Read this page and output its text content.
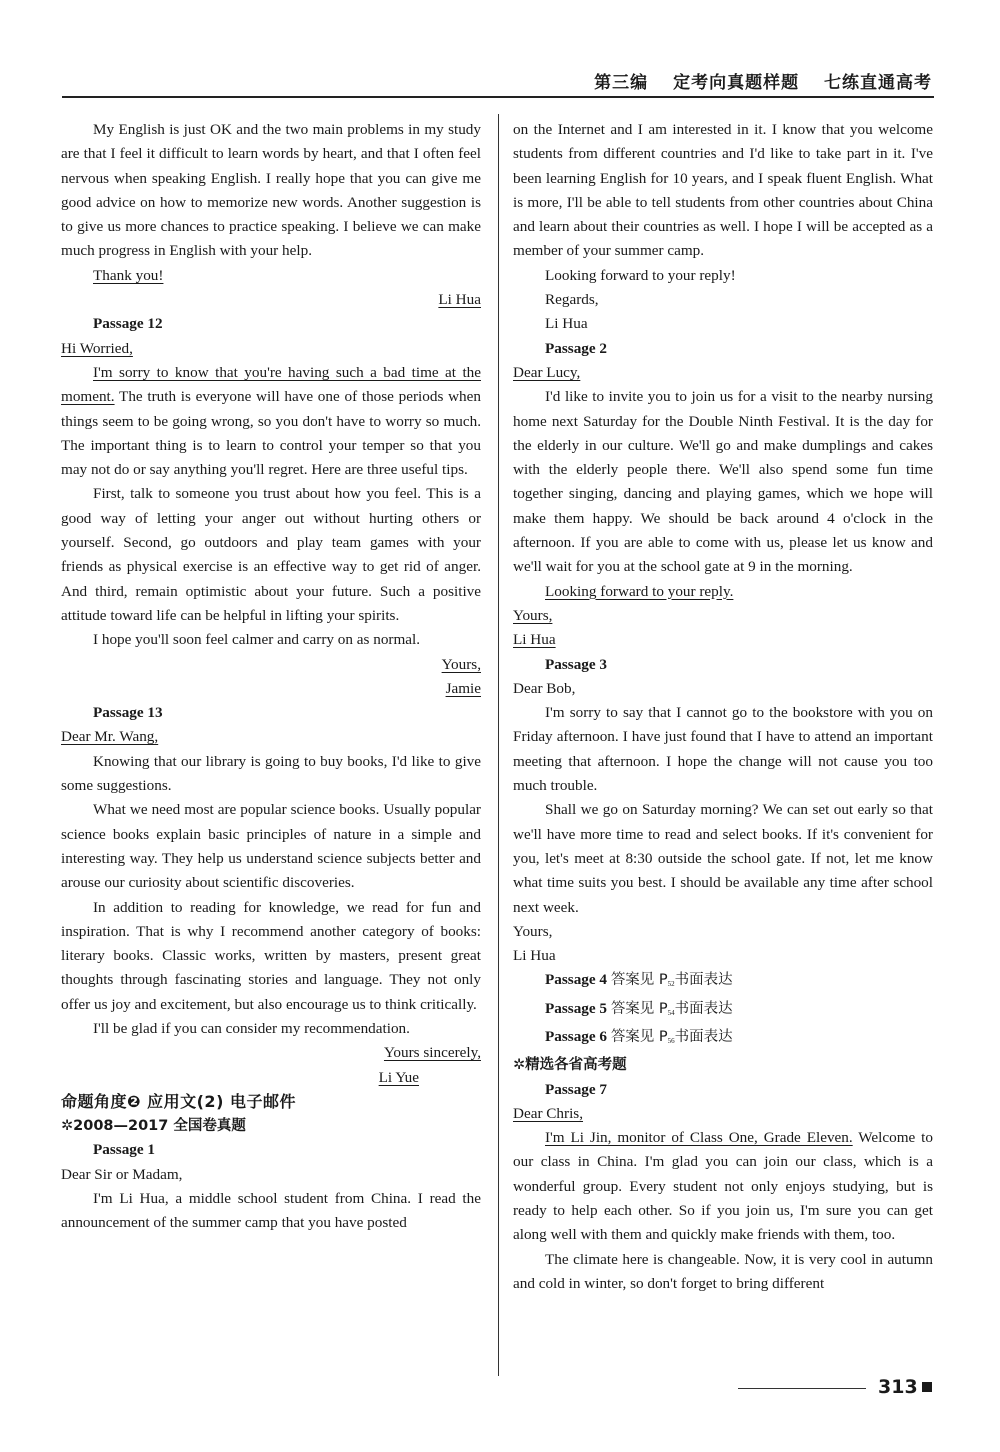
第三编 定考向真题样题 七练直通高考

My English is just OK and the two main problems in my study are that I feel it difficult to learn words by heart, and that I often feel nervous when speaking English. I really hope that you can give me good advice on how to memorize new words. Another suggestion is to give us more chances to practice speaking. I believe we can make much progress in English with your help.

Thank you!

Li Hua

Passage 12

Hi Worried,

I'm sorry to know that you're having such a bad time at the moment. The truth is everyone will have one of those periods when things seem to be going wrong, so you don't have to worry so much. The important thing is to learn to control your temper so that you may not do or say anything you'll regret. Here are three useful tips.

First, talk to someone you trust about how you feel. This is a good way of letting your anger out without hurting others or yourself. Second, go outdoors and play team games with your friends as physical exercise is an effective way to get rid of anger. And third, remain optimistic about your future. Such a positive attitude toward life can be helpful in lifting your spirits.

I hope you'll soon feel calmer and carry on as normal.

Yours,

Jamie

Passage 13

Dear Mr. Wang,

Knowing that our library is going to buy books, I'd like to give some suggestions.

What we need most are popular science books. Usually popular science books explain basic principles of nature in a simple and interesting way. They help us understand science subjects better and arouse our curiosity about scientific discoveries.

In addition to reading for knowledge, we read for fun and inspiration. That is why I recommend another category of books: literary books. Classic works, written by masters, present great thoughts through fascinating stories and language. They not only offer us joy and excitement, but also encourage us to think critically.

I'll be glad if you can consider my recommendation.

Yours sincerely,

Li Yue

命题角度❷ 应用文(2) 电子邮件

✲2008—2017 全国卷真题

Passage 1

Dear Sir or Madam,

I'm Li Hua, a middle school student from China. I read the announcement of the summer camp that you have posted

on the Internet and I am interested in it. I know that you welcome students from different countries and I'd like to take part in it. I've been learning English for 10 years, and I speak fluent English. What is more, I'll be able to tell students from other countries about China and learn about their countries as well. I hope I will be accepted as a member of your summer camp.

Looking forward to your reply!

Regards,

Li Hua

Passage 2

Dear Lucy,

I'd like to invite you to join us for a visit to the nearby nursing home next Saturday for the Double Ninth Festival. It is the day for the elderly in our culture. We'll go and make dumplings and cakes with the elderly people there. We'll also spend some fun time together singing, dancing and playing games, which we hope will make them happy. We should be back around 4 o'clock in the afternoon. If you are able to come with us, please let us know and we'll wait for you at the school gate at 9 in the morning.

Looking forward to your reply.

Yours,

Li Hua

Passage 3

Dear Bob,

I'm sorry to say that I cannot go to the bookstore with you on Friday afternoon. I have just found that I have to attend an important meeting that afternoon. I hope the change will not cause you too much trouble.

Shall we go on Saturday morning? We can set out early so that we'll have more time to read and select books. If it's convenient for you, let's meet at 8:30 outside the school gate. If not, let me know what time suits you best. I should be available any time after school next week.

Yours,

Li Hua

Passage 4 答案见 $P_{52}$书面表达

Passage 5 答案见 $P_{54}$书面表达

Passage 6 答案见 $P_{56}$书面表达

✲精选各省高考题

Passage 7

Dear Chris,

I'm Li Jin, monitor of Class One, Grade Eleven. Welcome to our class in China. I'm glad you can join our class, which is a wonderful group. Every student not only enjoys studying, but is ready to help each other. So if you join us, I'm sure you can get along well with them and quickly make friends with them, too.

The climate here is changeable. Now, it is very cool in autumn and cold in winter, so don't forget to bring different

313
